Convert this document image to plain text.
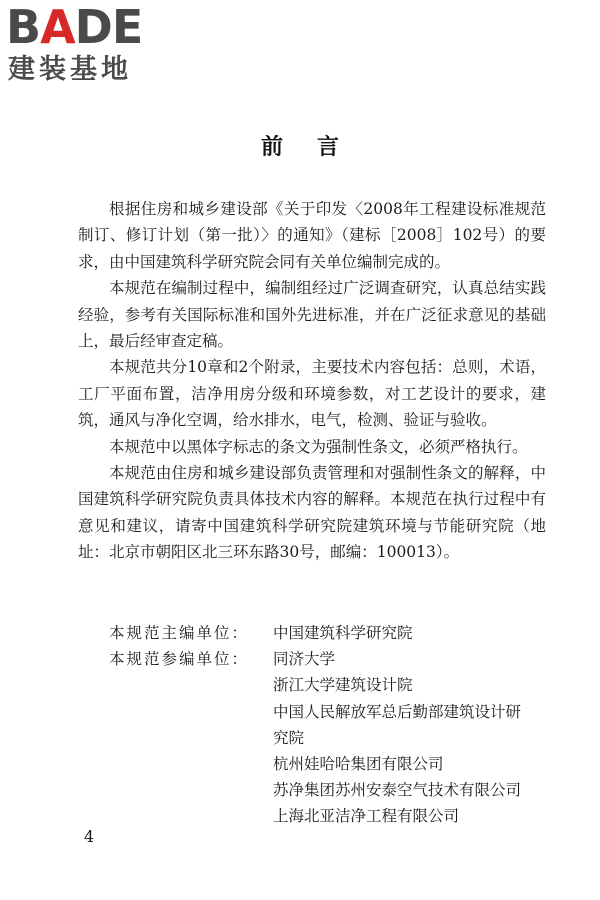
BADE
建装基地
前言

根据住房和城乡建设部《关于印发〈2008年工程建设标准规范制订、修订计划（第一批）〉的通知》（建标［2008］102号）的要求，由中国建筑科学研究院会同有关单位编制完成的。

本规范在编制过程中，编制组经过广泛调查研究，认真总结实践经验，参考有关国际标准和国外先进标准，并在广泛征求意见的基础上，最后经审查定稿。

本规范共分10章和2个附录，主要技术内容包括：总则，术语，工厂平面布置，洁净用房分级和环境参数，对工艺设计的要求，建筑，通风与净化空调，给水排水，电气，检测、验证与验收。

本规范中以黑体字标志的条文为强制性条文，必须严格执行。

本规范由住房和城乡建设部负责管理和对强制性条文的解释，中国建筑科学研究院负责具体技术内容的解释。本规范在执行过程中有意见和建议，请寄中国建筑科学研究院建筑环境与节能研究院（地址：北京市朝阳区北三环东路30号，邮编：100013）。

本规范主编单位：	中国建筑科学研究院
本规范参编单位：	同济大学
浙江大学建筑设计院
中国人民解放军总后勤部建筑设计研
究院
杭州娃哈哈集团有限公司
苏净集团苏州安泰空气技术有限公司
上海北亚洁净工程有限公司
4
